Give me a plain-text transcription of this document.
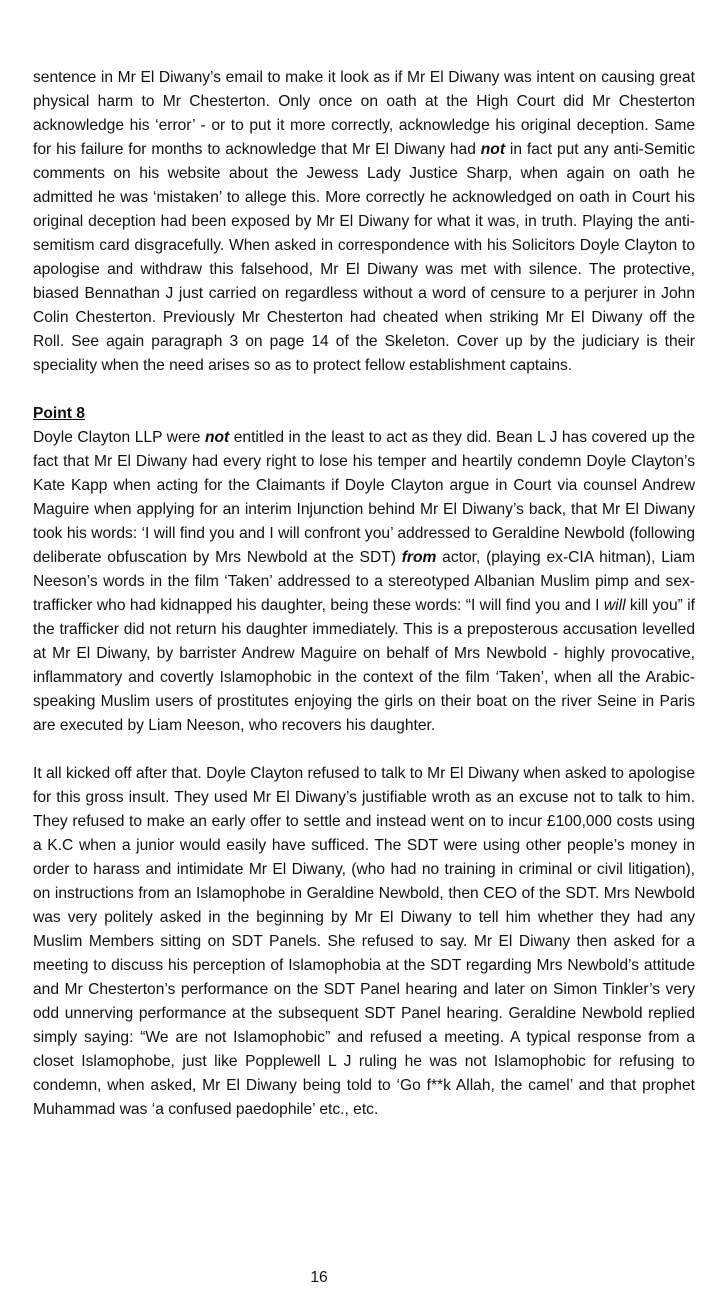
sentence in Mr El Diwany’s email to make it look as if Mr El Diwany was intent on causing great physical harm to Mr Chesterton. Only once on oath at the High Court did Mr Chesterton acknowledge his ‘error’ - or to put it more correctly, acknowledge his original deception. Same for his failure for months to acknowledge that Mr El Diwany had not in fact put any anti-Semitic comments on his website about the Jewess Lady Justice Sharp, when again on oath he admitted he was ‘mistaken’ to allege this. More correctly he acknowledged on oath in Court his original deception had been exposed by Mr El Diwany for what it was, in truth. Playing the anti-semitism card disgracefully. When asked in correspondence with his Solicitors Doyle Clayton to apologise and withdraw this falsehood, Mr El Diwany was met with silence. The protective, biased Bennathan J just carried on regardless without a word of censure to a perjurer in John Colin Chesterton. Previously Mr Chesterton had cheated when striking Mr El Diwany off the Roll. See again paragraph 3 on page 14 of the Skeleton. Cover up by the judiciary is their speciality when the need arises so as to protect fellow establishment captains.

Point 8

Doyle Clayton LLP were not entitled in the least to act as they did. Bean L J has covered up the fact that Mr El Diwany had every right to lose his temper and heartily condemn Doyle Clayton’s Kate Kapp when acting for the Claimants if Doyle Clayton argue in Court via counsel Andrew Maguire when applying for an interim Injunction behind Mr El Diwany’s back, that Mr El Diwany took his words: ‘I will find you and I will confront you’ addressed to Geraldine Newbold (following deliberate obfuscation by Mrs Newbold at the SDT) from actor, (playing ex-CIA hitman), Liam Neeson’s words in the film ‘Taken’ addressed to a stereotyped Albanian Muslim pimp and sex-trafficker who had kidnapped his daughter, being these words: “I will find you and I will kill you” if the trafficker did not return his daughter immediately. This is a preposterous accusation levelled at Mr El Diwany, by barrister Andrew Maguire on behalf of Mrs Newbold - highly provocative, inflammatory and covertly Islamophobic in the context of the film ‘Taken’, when all the Arabic-speaking Muslim users of prostitutes enjoying the girls on their boat on the river Seine in Paris are executed by Liam Neeson, who recovers his daughter.

It all kicked off after that. Doyle Clayton refused to talk to Mr El Diwany when asked to apologise for this gross insult. They used Mr El Diwany’s justifiable wroth as an excuse not to talk to him. They refused to make an early offer to settle and instead went on to incur £100,000 costs using a K.C when a junior would easily have sufficed. The SDT were using other people’s money in order to harass and intimidate Mr El Diwany, (who had no training in criminal or civil litigation), on instructions from an Islamophobe in Geraldine Newbold, then CEO of the SDT. Mrs Newbold was very politely asked in the beginning by Mr El Diwany to tell him whether they had any Muslim Members sitting on SDT Panels. She refused to say. Mr El Diwany then asked for a meeting to discuss his perception of Islamophobia at the SDT regarding Mrs Newbold’s attitude and Mr Chesterton’s performance on the SDT Panel hearing and later on Simon Tinkler’s very odd unnerving performance at the subsequent SDT Panel hearing. Geraldine Newbold replied simply saying: “We are not Islamophobic” and refused a meeting. A typical response from a closet Islamophobe, just like Popplewell L J ruling he was not Islamophobic for refusing to condemn, when asked, Mr El Diwany being told to ‘Go f**k Allah, the camel’ and that prophet Muhammad was ‘a confused paedophile’ etc., etc.

16
